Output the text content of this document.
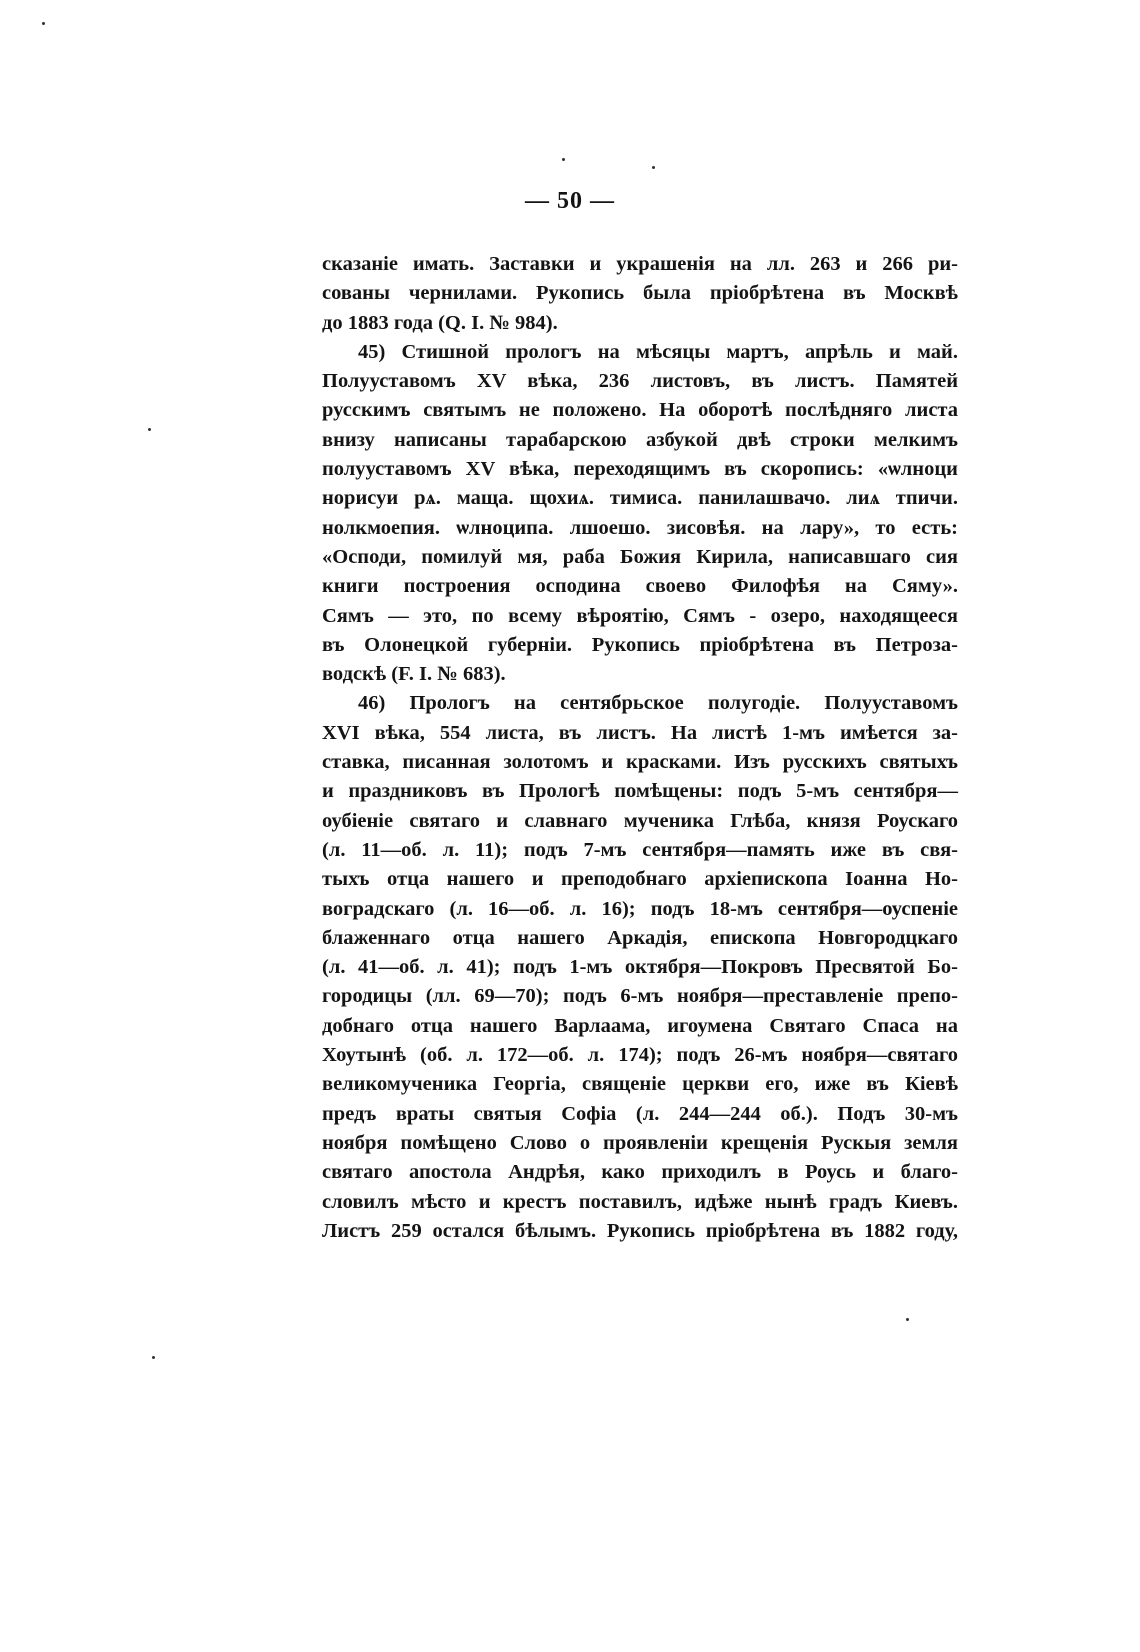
— 50 —
сказаніе имать. Заставки и украшенія на лл. 263 и 266 ри-
сованы чернилами. Рукопись была пріобрѣтена въ Москвѣ
до 1883 года (Q. I. № 984).
45) Стишной прологъ на мѣсяцы мартъ, апрѣль и май.
Полууставомъ XV вѣка, 236 листовъ, въ листъ. Памятей
русскимъ святымъ не положено. На оборотѣ послѣдняго листа
внизу написаны тарабарскою азбукой двѣ строки мелкимъ
полууставомъ XV вѣка, переходящимъ въ скоропись: «ѡлноци
норисуи рѧ. мащa. щохиѧ. тимиса. панилашвачо. лиѧ тпичи.
нолкмоепия. ѡлноципа. лшоешо. зисовѣя. на лару», то есть:
«Осподи, помилуй мя, раба Божия Кирила, написавшаго сия
книги построения осподина своево Филофѣя на Сяму».
Сямъ — это, по всему вѣроятію, Сямъ - озеро, находящееся
въ Олонецкой губерніи. Рукопись пріобрѣтена въ Петроза-
водскѣ (F. I. № 683).
46) Прологъ на сентябрьское полугодіе. Полууставомъ
XVI вѣка, 554 листа, въ листъ. На листѣ 1-мъ имѣется за-
ставка, писанная золотомъ и красками. Изъ русскихъ святыхъ
и праздниковъ въ Прологѣ помѣщены: подъ 5-мъ сентября—
оубіеніе святаго и славнаго мученика Глѣба, князя Роускаго
(л. 11—об. л. 11); подъ 7-мъ сентября—память иже въ свя-
тыхъ отца нашего и преподобнаго архіепископа Іоанна Но-
воградскаго (л. 16—об. л. 16); подъ 18-мъ сентября—оуспеніе
блаженнаго отца нашего Аркадія, епископа Новгородцкаго
(л. 41—об. л. 41); подъ 1-мъ октября—Покровъ Пресвятой Бо-
городицы (лл. 69—70); подъ 6-мъ ноября—преставленіе препо-
добнаго отца нашего Варлаама, игоумена Святаго Спаса на
Хоутынѣ (об. л. 172—об. л. 174); подъ 26-мъ ноября—святаго
великомученика Георгіа, священіе церкви его, иже въ Кіевѣ
предъ враты святыя Софіа (л. 244—244 об.). Подъ 30-мъ
ноября помѣщено Слово о проявленіи крещенія Рускыя земля
святаго апостола Андрѣя, како приходилъ в Роусь и благо-
словилъ мѣсто и крестъ поставилъ, идѣже нынѣ градъ Киевъ.
Листъ 259 остался бѣлымъ. Рукопись пріобрѣтена въ 1882 году,
